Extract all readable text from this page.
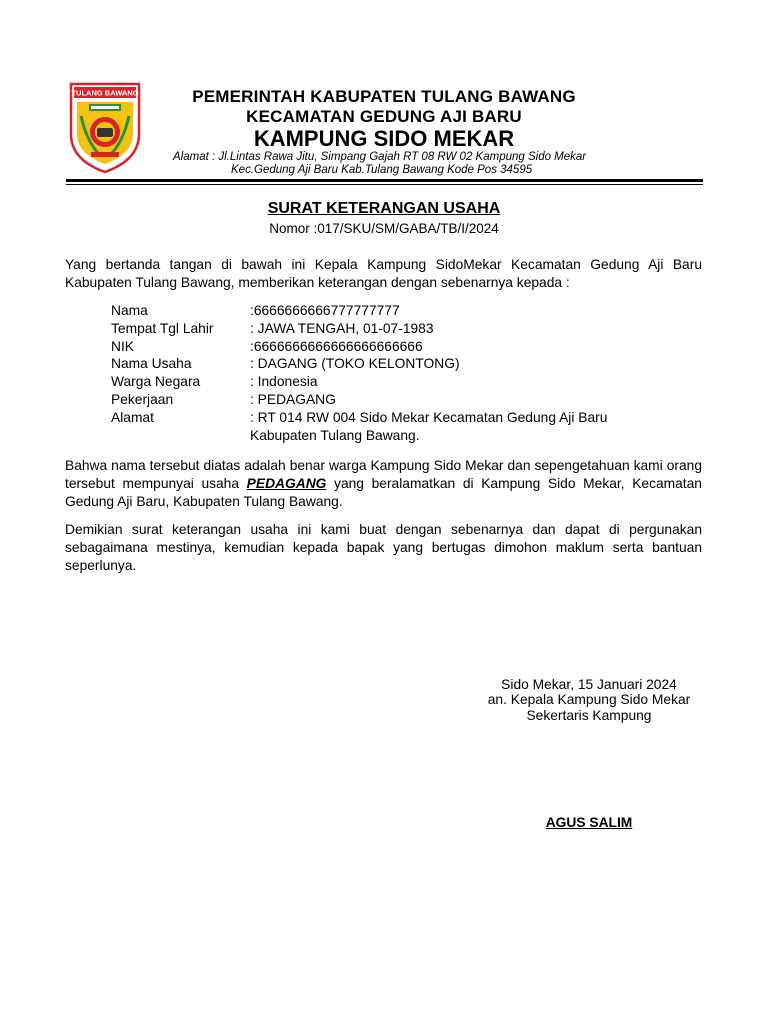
TULANG BAWANG	PEMERINTAH KABUPATEN TULANG BAWANG
KECAMATAN GEDUNG AJI BARU
KAMPUNG SIDO MEKAR
Alamat : Jl.Lintas Rawa Jitu, Simpang Gajah RT 08 RW 02 Kampung Sido Mekar
Kec.Gedung Aji Baru Kab.Tulang Bawang Kode Pos 34595
SURAT KETERANGAN USAHA
Nomor :017/SKU/SM/GABA/TB/I/2024
Yang bertanda tangan di bawah ini Kepala Kampung SidoMekar Kecamatan Gedung Aji Baru Kabupaten Tulang Bawang, memberikan keterangan dengan sebenarnya kepada :
Nama	:6666666666777777777
Tempat Tgl Lahir	: JAWA TENGAH, 01-07-1983
NIK	:6666666666666666666666
Nama Usaha	: DAGANG (TOKO KELONTONG)
Warga Negara	: Indonesia
Pekerjaan	: PEDAGANG
Alamat	: RT 014 RW 004 Sido Mekar Kecamatan Gedung Aji Baru
Kabupaten Tulang Bawang.
Bahwa nama tersebut diatas adalah benar warga Kampung Sido Mekar dan sepengetahuan kami orang tersebut mempunyai usaha PEDAGANG yang beralamatkan di Kampung Sido Mekar, Kecamatan Gedung Aji Baru, Kabupaten Tulang Bawang.
Demikian surat keterangan usaha ini kami buat dengan sebenarnya dan dapat di pergunakan sebagaimana mestinya, kemudian kepada bapak yang bertugas dimohon maklum serta bantuan seperlunya.
Sido Mekar, 15 Januari 2024
an. Kepala Kampung Sido Mekar
Sekertaris Kampung
AGUS SALIM
